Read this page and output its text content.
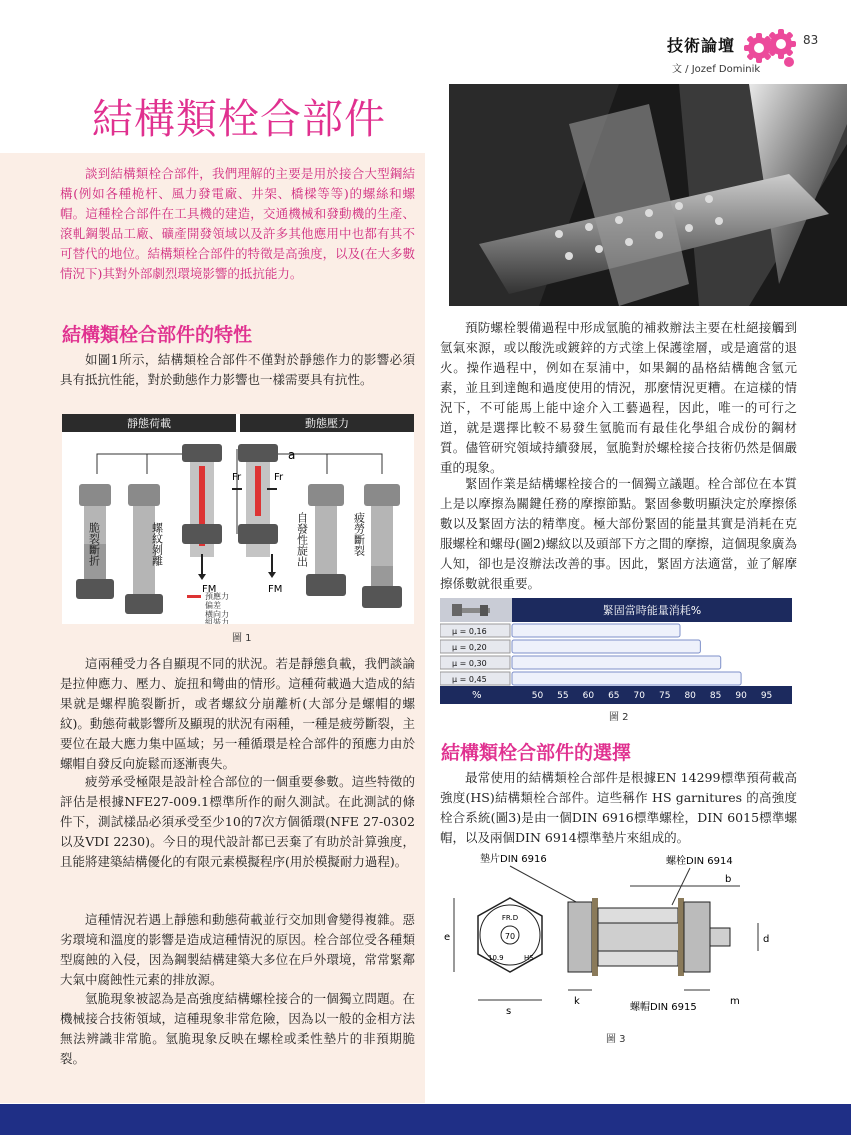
技術論壇
文 / Jozef Dominik
83
結構類栓合部件

談到結構類栓合部件，我們理解的主要是用於接合大型鋼結構(例如各種桅杆、風力發電廠、井架、橋樑等等)的螺絲和螺帽。這種栓合部件在工具機的建造，交通機械和發動機的生產、滾軋鋼製品工廠、礦產開發領域以及許多其他應用中也都有其不可替代的地位。結構類栓合部件的特徵是高強度，以及(在大多數情況下)其對外部劇烈環境影響的抵抗能力。

結構類栓合部件的特性

如圖1所示，結構類栓合部件不僅對於靜態作力的影響必須具有抵抗性能，對於動態作力影響也一樣需要具有抗性。

靜態荷載	動態壓力
a
Fr	Fr
FM	FM
脆裂斷折	螺紋剝離	自發性旋出	疲勞斷裂
預應力
偏差
橫向力
組裝力
圖 1

這兩種受力各自顯現不同的狀況。若是靜態負載，我們談論是拉伸應力、壓力、旋扭和彎曲的情形。這種荷載過大造成的結果就是螺桿脆裂斷折，或者螺紋分崩離析(大部分是螺帽的螺紋)。動態荷載影響所及顯現的狀況有兩種，一種是疲勞斷裂，主要位在最大應力集中區域；另一種循環是栓合部件的預應力由於螺帽自發反向旋鬆而逐漸喪失。

疲勞承受極限是設計栓合部位的一個重要參數。這些特徵的評估是根據NFE27-009.1標準所作的耐久測試。在此測試的條件下，測試樣品必須承受至少10的7次方個循環(NFE 27-0302以及VDI 2230)。今日的現代設計都已丟棄了有助於計算強度，且能將建築結構優化的有限元素模擬程序(用於模擬耐力過程)。

這種情況若遇上靜態和動態荷載並行交加則會變得複雜。惡劣環境和溫度的影響是造成這種情況的原因。栓合部位受各種類型腐蝕的入侵，因為鋼製結構建築大多位在戶外環境，常常緊鄰大氣中腐蝕性元素的排放源。

氫脆現象被認為是高強度結構螺栓接合的一個獨立問題。在機械接合技術領域，這種現象非常危險，因為以一般的金相方法無法辨識非常脆。氫脆現象反映在螺栓或柔性墊片的非預期脆裂。

預防螺栓製備過程中形成氫脆的補救辦法主要在杜絕接觸到氫氣來源，或以酸洗或鍍鋅的方式塗上保護塗層，或是適當的退火。操作過程中，例如在泵浦中，如果鋼的晶格結構飽含氫元素，並且到達飽和過度使用的情況，那麼情況更糟。在這樣的情況下，不可能馬上能中途介入工藝過程，因此，唯一的可行之道，就是選擇比較不易發生氫脆而有最佳化學組合成份的鋼材質。儘管研究領域持續發展，氫脆對於螺栓接合技術仍然是個嚴重的現象。

緊固作業是結構螺栓接合的一個獨立議題。栓合部位在本質上是以摩擦為關鍵任務的摩擦節點。緊固參數明顯決定於摩擦係數以及緊固方法的精準度。極大部份緊固的能量其實是消耗在克服螺栓和螺母(圖2)螺紋以及頭部下方之間的摩擦，這個現象廣為人知，卻也是沒辦法改善的事。因此，緊固方法適當，並了解摩擦係數就很重要。

緊固當時能量消耗%
%
μ = 0,16
μ = 0,20
μ = 0,30
μ = 0,45
50 55 60 65 70 75 80 85 90 95
圖 2
結構類栓合部件的選擇

最常使用的結構類栓合部件是根據EN 14299標準預荷載高強度(HS)結構類栓合部件。這些稱作 HS garnitures 的高強度栓合系統(圖3)是由一個DIN 6916標準螺栓，DIN 6015標準螺帽，以及兩個DIN 6914標準墊片來組成的。

墊片DIN 6916	螺栓DIN 6914
70
FR.D
10.9	HS
e
s
b
d
k	m
螺帽DIN 6915
圖 3
